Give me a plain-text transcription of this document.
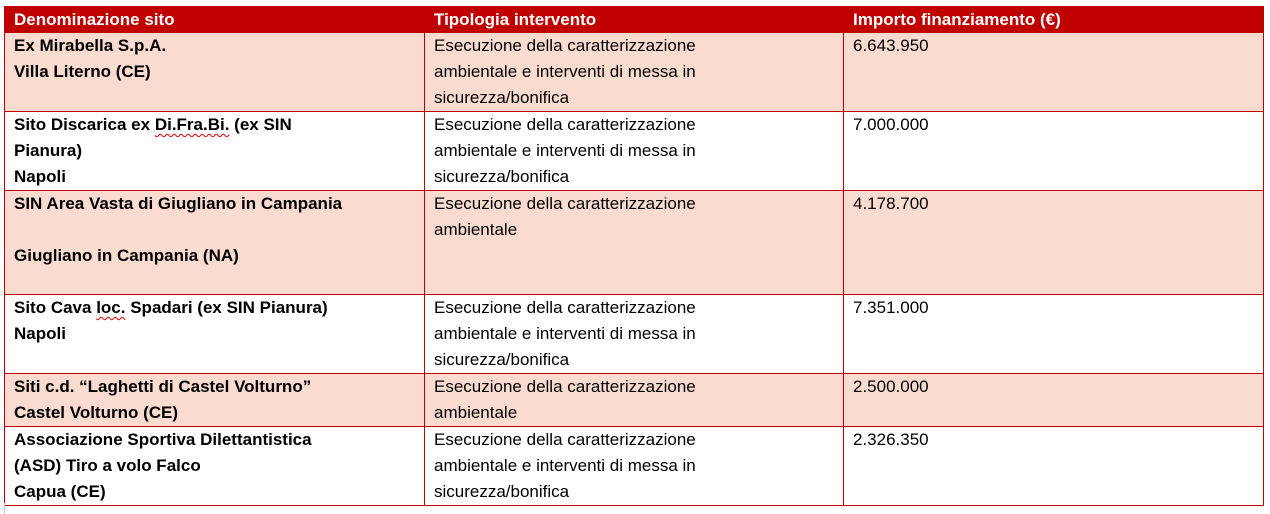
Denominazione sito	Tipologia intervento	Importo finanziamento (€)

Ex Mirabella S.p.A.
Villa Literno (CE)	Esecuzione della caratterizzazione
ambientale e interventi di messa in
sicurezza/bonifica	6.643.950

Sito Discarica ex Di.Fra.Bi. (ex SIN
Pianura)
Napoli	Esecuzione della caratterizzazione
ambientale e interventi di messa in
sicurezza/bonifica	7.000.000

SIN Area Vasta di Giugliano in Campania
Giugliano in Campania (NA)	Esecuzione della caratterizzazione
ambientale	4.178.700

Sito Cava loc. Spadari (ex SIN Pianura)
Napoli	Esecuzione della caratterizzazione
ambientale e interventi di messa in
sicurezza/bonifica	7.351.000

Siti c.d. “Laghetti di Castel Volturno”
Castel Volturno (CE)	Esecuzione della caratterizzazione
ambientale	2.500.000

Associazione Sportiva Dilettantistica
(ASD) Tiro a volo Falco
Capua (CE)	Esecuzione della caratterizzazione
ambientale e interventi di messa in
sicurezza/bonifica	2.326.350
